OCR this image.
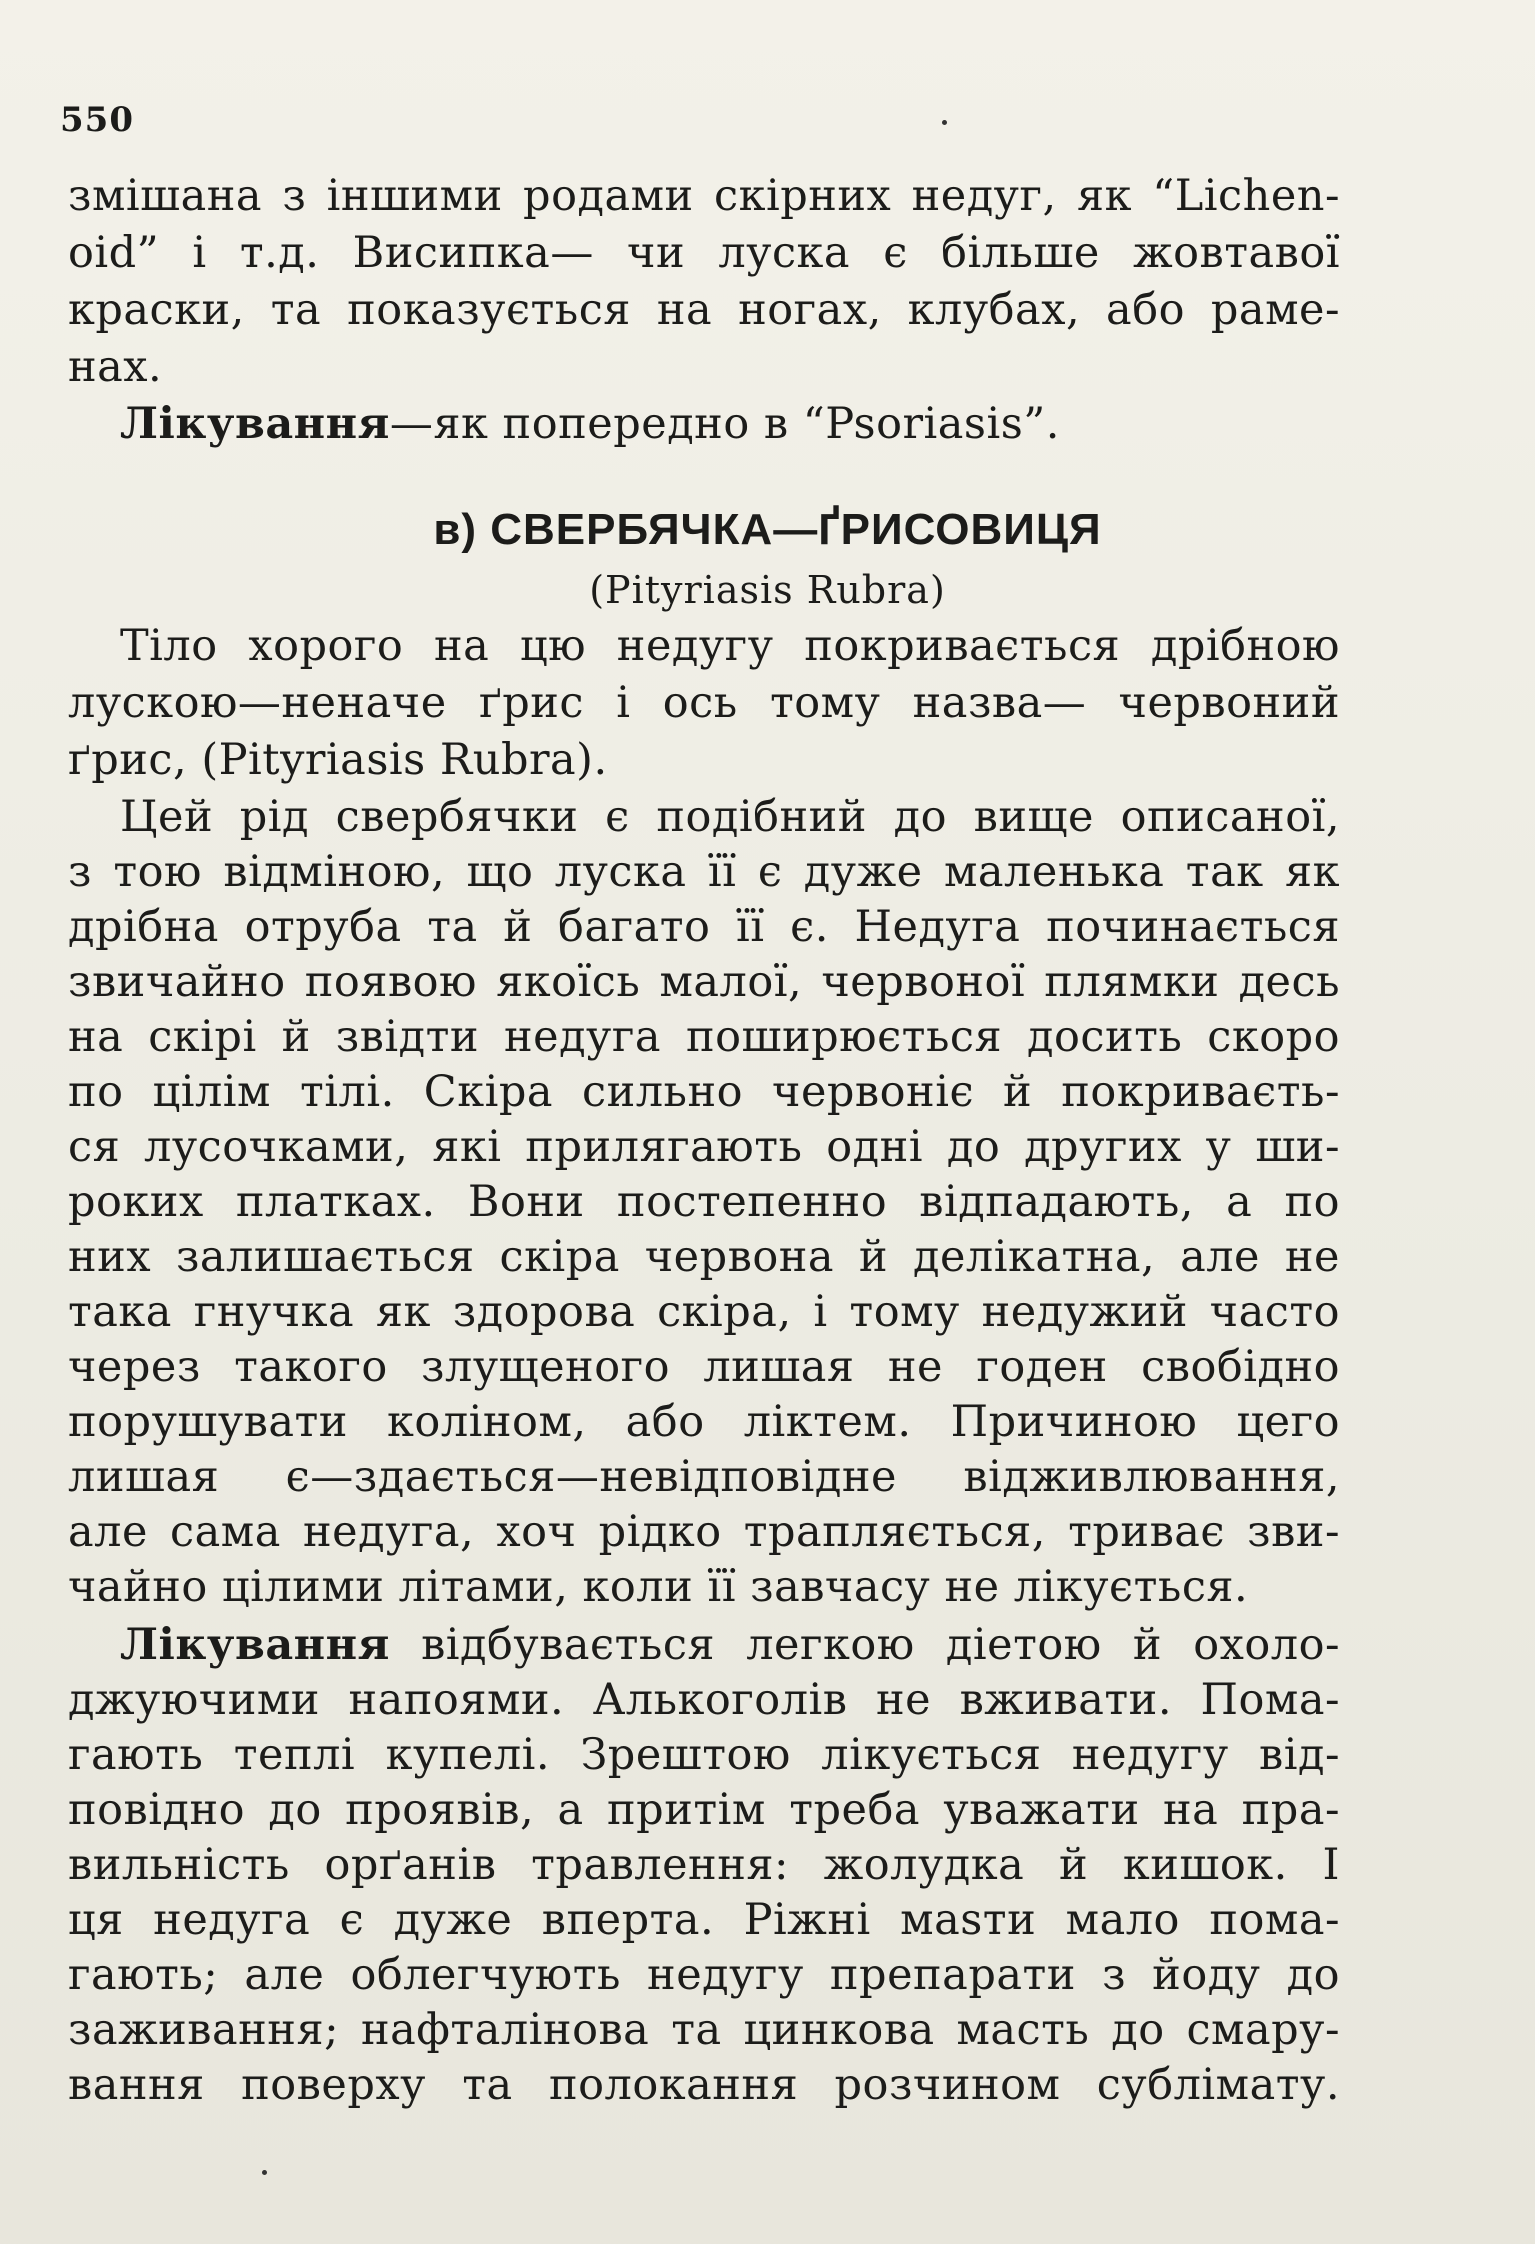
550
змішана з іншими родами скірних недуг, як “Lichen-
oid” і т.д. Висипка— чи луска є більше жовтавої
краски, та показується на ногах, клубах, або раме-
нах.
Лікування—як попередно в “Psoriasis”.
в) СВЕРБЯЧКА—ҐРИСОВИЦЯ
(Pityriasis Rubra)
Тіло хорого на цю недугу покривається дрібною
лускою—неначе ґрис і ось тому назва— червоний
ґрис, (Pityriasis Rubra).
Цей рід свербячки є подібний до вище описаної,
з тою відміною, що луска її є дуже маленька так як
дрібна отруба та й багато її є. Недуга починається
звичайно появою якоїсь малої, червоної плямки десь
на скірі й звідти недуга поширюється досить скоро
по цілім тілі. Скіра сильно червоніє й покриваєть-
ся лусочками, які прилягають одні до других у ши-
роких платках. Вони постепенно відпадають, а по
них залишається скіра червона й делікатна, але не
така гнучка як здорова скіра, і тому недужий часто
через такого злущеного лишая не годен свобідно
порушувати коліном, або ліктем. Причиною цего
лишая є—здається—невідповідне відживлювання,
але сама недуга, хоч рідко трапляється, триває зви-
чайно цілими літами, коли її завчасу не лікується.
Лікування відбувається легкою діетою й охоло-
джуючими напоями. Алькоголів не вживати. Пома-
гають теплі купелі. Зрештою лікується недугу від-
повідно до проявів, а притім треба уважати на пра-
вильність орґанів травлення: жолудка й кишок. І
ця недуга є дуже вперта. Ріжні мasти мало пома-
гають; але облегчують недугу препарати з йоду до
заживання; нафталінова та цинкова масть до смару-
вання поверху та полокання розчином сублімату.
